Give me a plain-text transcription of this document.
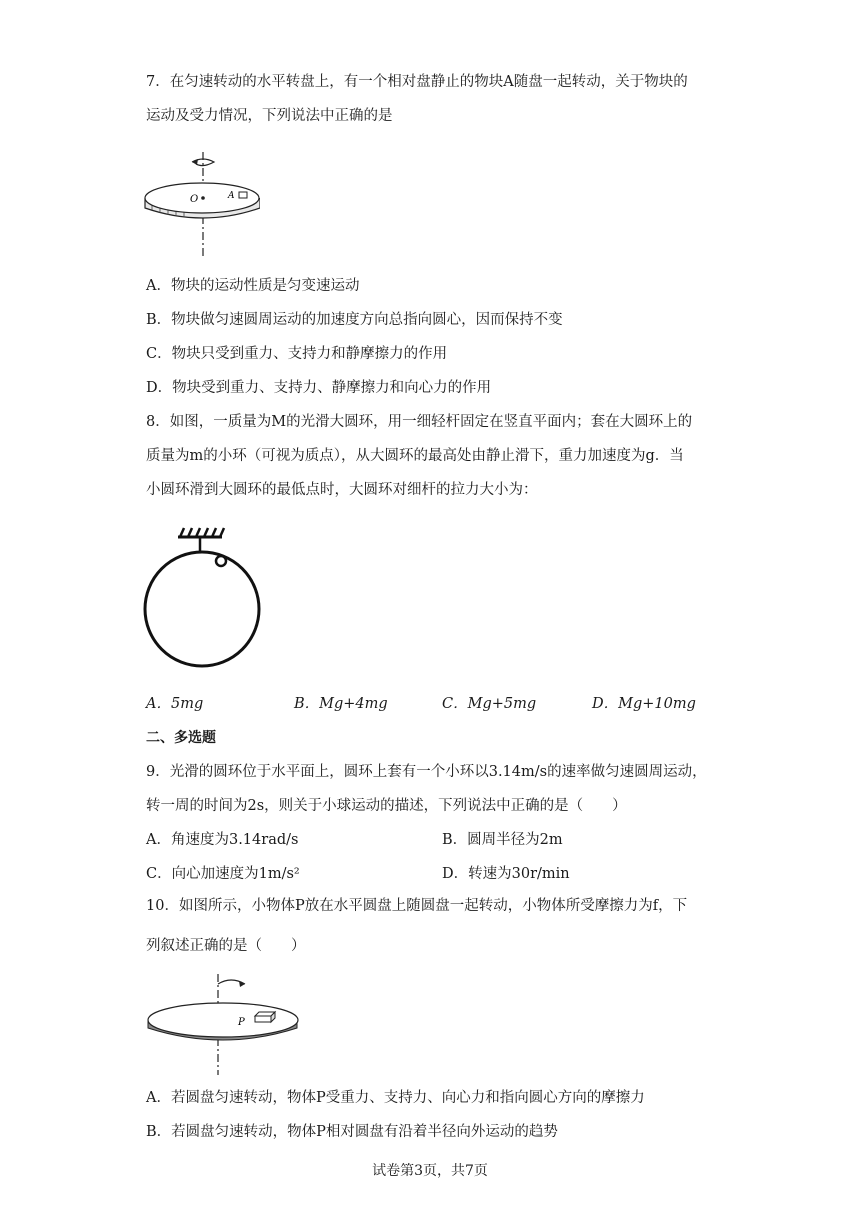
7．在匀速转动的水平转盘上，有一个相对盘静止的物块A随盘一起转动，关于物块的
运动及受力情况，下列说法中正确的是
O	A
A．物块的运动性质是匀变速运动
B．物块做匀速圆周运动的加速度方向总指向圆心，因而保持不变
C．物块只受到重力、支持力和静摩擦力的作用
D．物块受到重力、支持力、静摩擦力和向心力的作用
8．如图，一质量为M的光滑大圆环，用一细轻杆固定在竖直平面内；套在大圆环上的
质量为m的小环（可视为质点），从大圆环的最高处由静止滑下，重力加速度为g．当
小圆环滑到大圆环的最低点时，大圆环对细杆的拉力大小为：
A．5mg	B．Mg+4mg	C．Mg+5mg	D．Mg+10mg
二、多选题
9．光滑的圆环位于水平面上，圆环上套有一个小环以3.14m/s的速率做匀速圆周运动，
转一周的时间为2s，则关于小球运动的描述，下列说法中正确的是（　　）
A．角速度为3.14rad/s	B．圆周半径为2m
C．向心加速度为1m/s²	D．转速为30r/min
10．如图所示，小物体P放在水平圆盘上随圆盘一起转动，小物体所受摩擦力为f，下
列叙述正确的是（　　）
P
A．若圆盘匀速转动，物体P受重力、支持力、向心力和指向圆心方向的摩擦力
B．若圆盘匀速转动，物体P相对圆盘有沿着半径向外运动的趋势
试卷第3页，共7页
